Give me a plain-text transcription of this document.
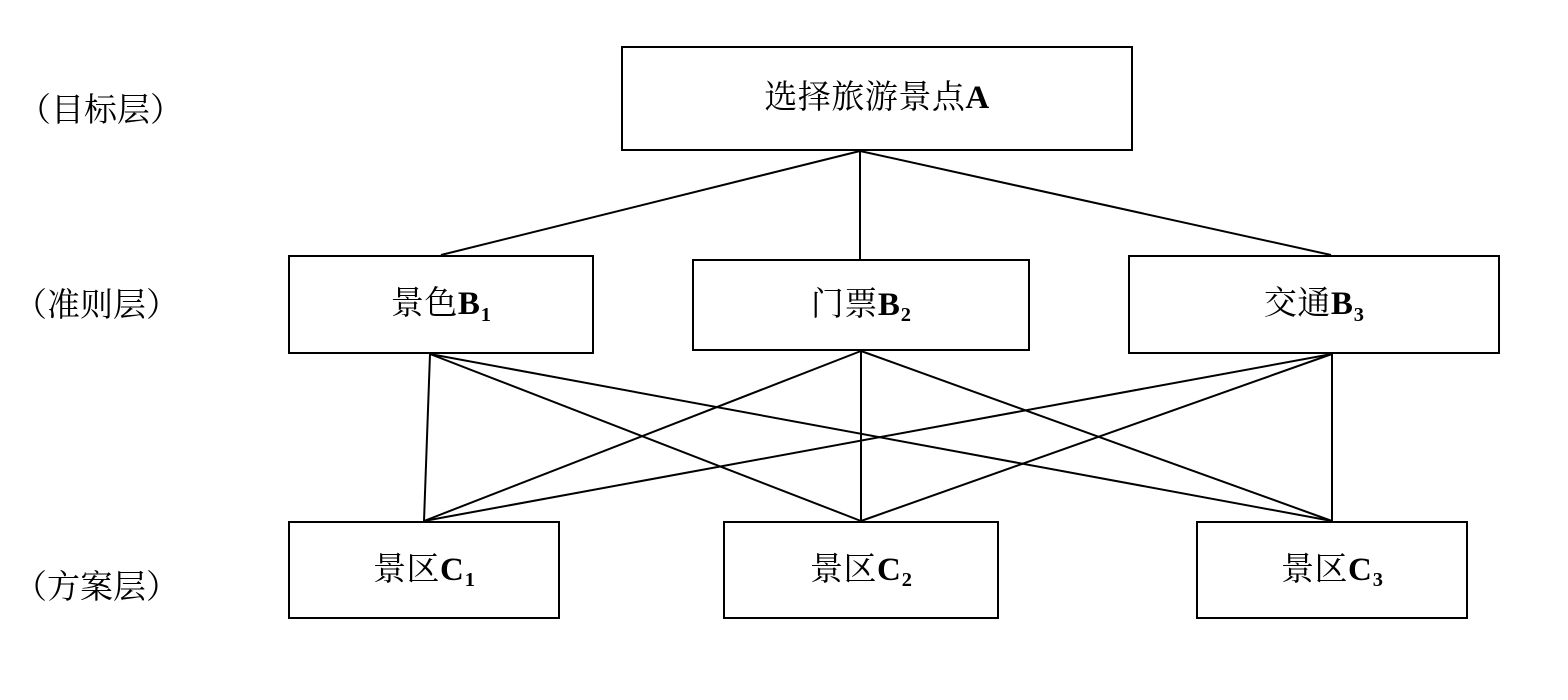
（目标层）
（准则层）
（方案层）
选择旅游景点A
景色$B_1$	门票$B_2$	交通$B_3$
景区$C_1$	景区$C_2$	景区$C_3$
